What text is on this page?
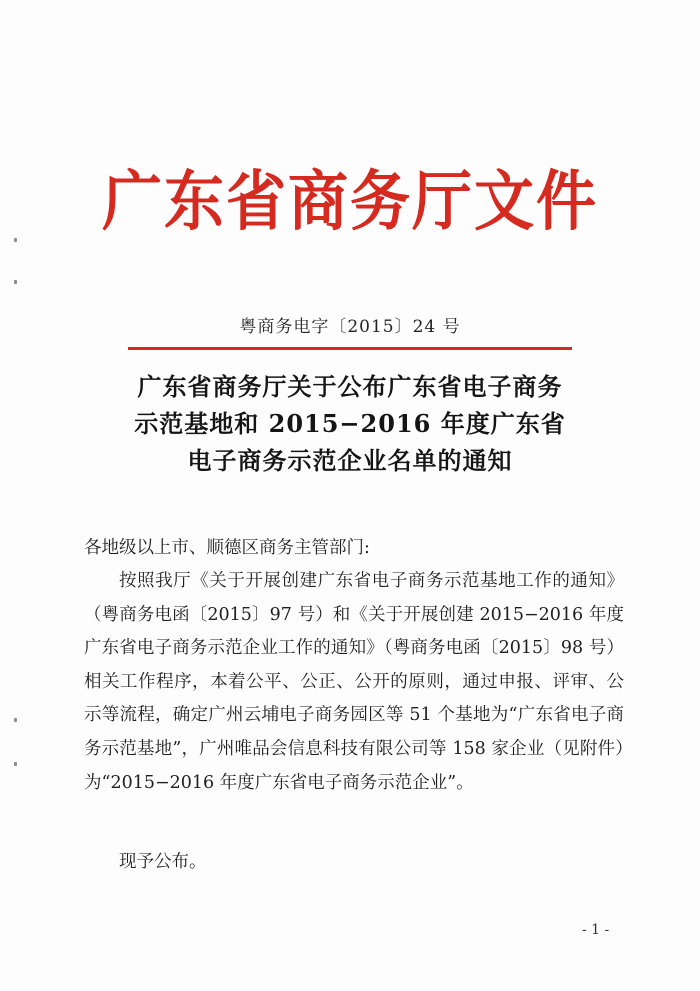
广东省商务厅文件
粤商务电字〔2015〕24 号
广东省商务厅关于公布广东省电子商务
示范基地和 2015−2016 年度广东省
电子商务示范企业名单的通知
各地级以上市、顺德区商务主管部门:
按照我厅《关于开展创建广东省电子商务示范基地工作的通知》（粤商务电函〔2015〕97 号）和《关于开展创建 2015−2016 年度广东省电子商务示范企业工作的通知》（粤商务电函〔2015〕98 号）相关工作程序，本着公平、公正、公开的原则，通过申报、评审、公示等流程，确定广州云埔电子商务园区等 51 个基地为“广东省电子商务示范基地”，广州唯品会信息科技有限公司等 158 家企业（见附件）为“2015−2016 年度广东省电子商务示范企业”。
现予公布。
- 1 -
